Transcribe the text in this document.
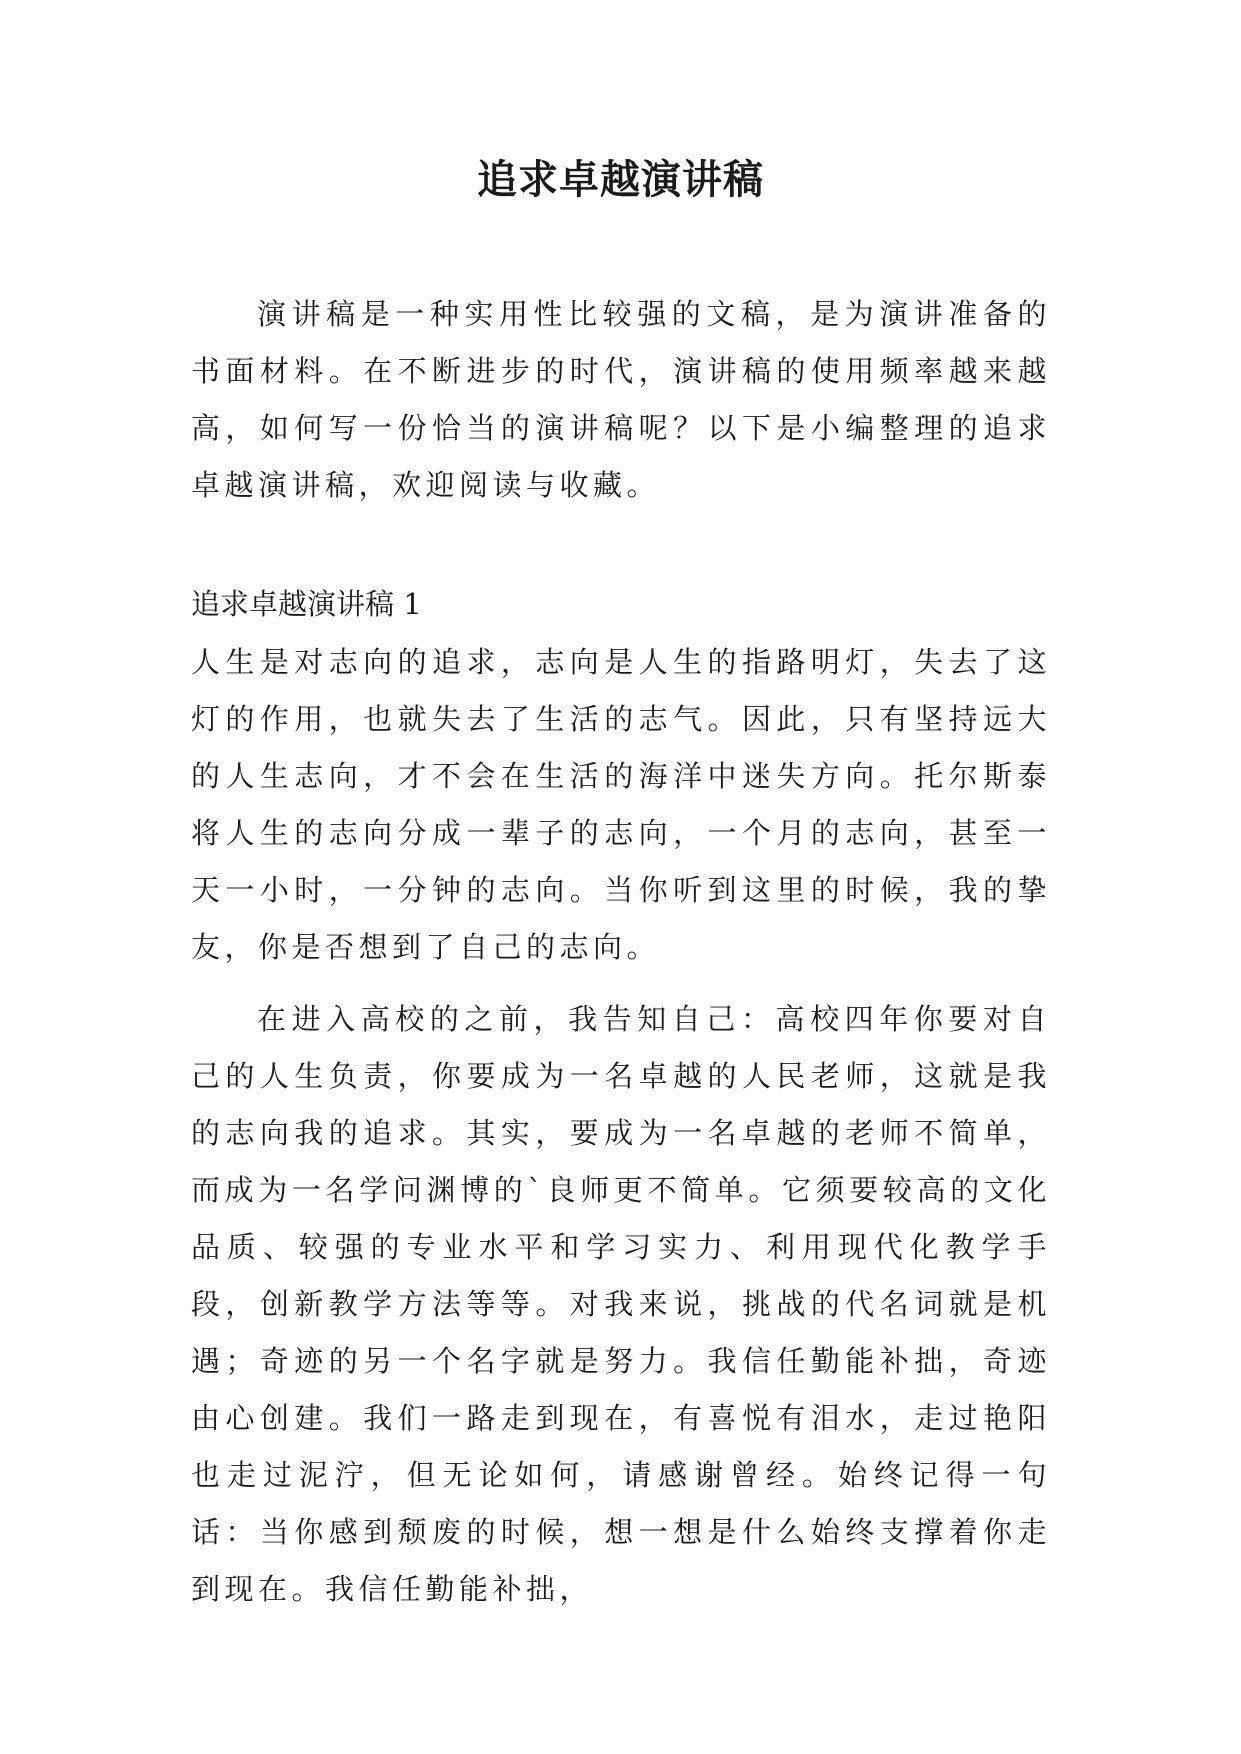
追求卓越演讲稿

演讲稿是一种实用性比较强的文稿，是为演讲准备的书面材料。在不断进步的时代，演讲稿的使用频率越来越高，如何写一份恰当的演讲稿呢？以下是小编整理的追求卓越演讲稿，欢迎阅读与收藏。

追求卓越演讲稿 1

人生是对志向的追求，志向是人生的指路明灯，失去了这灯的作用，也就失去了生活的志气。因此，只有坚持远大的人生志向，才不会在生活的海洋中迷失方向。托尔斯泰将人生的志向分成一辈子的志向，一个月的志向，甚至一天一小时，一分钟的志向。当你听到这里的时候，我的挚友，你是否想到了自己的志向。

在进入高校的之前，我告知自己：高校四年你要对自己的人生负责，你要成为一名卓越的人民老师，这就是我的志向我的追求。其实，要成为一名卓越的老师不简单，而成为一名学问渊博的`良师更不简单。它须要较高的文化品质、较强的专业水平和学习实力、利用现代化教学手段，创新教学方法等等。对我来说，挑战的代名词就是机遇；奇迹的另一个名字就是努力。我信任勤能补拙，奇迹由心创建。我们一路走到现在，有喜悦有泪水，走过艳阳也走过泥泞，但无论如何，请感谢曾经。始终记得一句话：当你感到颓废的时候，想一想是什么始终支撑着你走到现在。我信任勤能补拙，
